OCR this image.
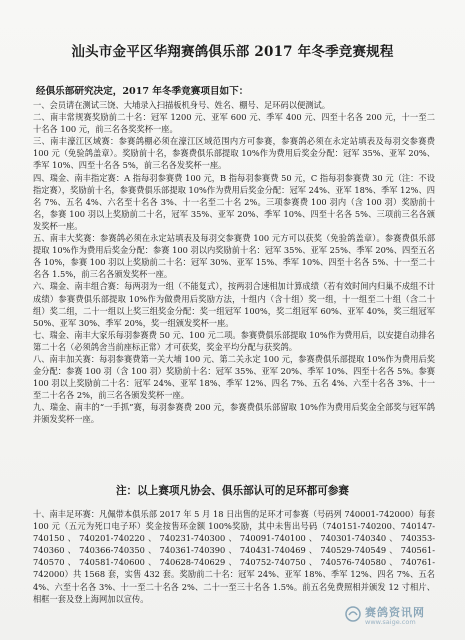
汕头市金平区华翔赛鸽俱乐部 2017 年冬季竞赛规程
经俱乐部研究决定，2017 年冬季竞赛项目如下：

一、会员请在测试三饶、大埔录入扫描板机身号、姓名、棚号、足环码以便测试。

二、南丰常规赛奖励前二十名：冠军 1200 元、亚军 600 元、季军 400 元、四至十名各 200 元，十一至二十名各 100 元，前三名各奖奖杯一座。

三、南丰濠江区域赛：参赛鸽棚必须在濠江区域范围内方可参赛，参赛鸽必须在永定站填表及每羽交参赛费 100 元（免验鸽盖章）。奖励前十名，参赛费俱乐部提取 10%作为费用后奖金分配：冠军 35%、亚军 20%、季军 10%、四至十名各 5%，前三名各发奖杯一座。

四、瑞金、南丰指定赛：A 指每羽参赛费 100 元，B 指每羽参赛费 50 元，C 指每羽参赛费 30 元（注：不设指定赛），奖励前十名，参赛费俱乐部提取 10%作为费用后奖金分配：冠军 24%、亚军 18%、季军 12%、四名 7%、五名 4%、六名至十名各 3%、十一名至二十名 2%。三项参赛费 100 羽内（含 100 羽）奖励前十名，参赛 100 羽以上奖励前二十名，冠军 35%、亚军 20%、季军 10%、四至十名各 5%、三项前三名各颁发奖杯一座。

五、南丰大奖赛：参赛鸽必须在永定站填表及每羽交参赛费 100 元方可以获奖（免验鸽盖章）。参赛费俱乐部提取 10%作为费用后奖金分配：参赛 100 羽以内奖励前十名：冠军 35%、亚军 25%、季军 20%、四至五名各 10%，参赛 100 羽以上奖励前二十名：冠军 30%、亚军 15%、季军 10%、四至十名各 5%、十一至二十名各 1.5%，前三名各颁发奖杯一座。

六、瑞金、南丰组合赛：每两羽为一组（不能复式），按两羽合速相加计算成绩（若有效时间内归巢不成组不计成绩）参赛费俱乐部提取 10%作为做费用后奖励方法，十组内（含十组）奖一组，十一组至二十组（含二十组）奖二组，二十一组以上奖三组奖金分配：奖一组冠军 100%，奖二组冠军 60%、亚军 40%，奖三组冠军 50%、亚军 30%、季军 20%，奖一组颁发奖杯一座。

七、瑞金、南丰大家乐每羽参赛费 50 元、100 元二项。参赛费俱乐部提取 10%作为费用后，以安捷自动排名第二十名（必须鸽舍当前座标正常）才可获奖，奖金平均分配与获奖鸽。

八、南丰加关赛：每羽参赛费第一关大埔 100 元、第二关永定 100 元，参赛费俱乐部提取 10%作为费用后奖金分配：参赛 100 羽（含 100 羽）奖励前十名：冠军 35%、亚军 20%、季军 10%、四至十名各 5%。参赛 100 羽以上奖励前二十名：冠军 24%、亚军 18%、季军 12%、四名 7%、五名 4%、六至十名各 3%、十一至二十名各 2%，前三名各颁发奖杯一座。

九、瑞金、南丰的“一手抓”赛，每羽参赛费 200 元，参赛费俱乐部留取 10%作为费用后奖金全部奖与冠军鸽并颁发奖杯一座。

注：以上赛项凡协会、俱乐部认可的足环都可参赛
十、南丰足环赛：凡佩带本俱乐部 2017 年 5 月 18 日出售的足环才可参赛（号码列 740001-742000）每套 100 元（五元为死口电子环）奖金按售环金额 100%奖励，其中未售出号码（740151-740200、740147-740150、740201-740220、740231-740300、740091-740100、740301-740340、740353-740360、740366-740350、740361-740390、740431-740469、740529-740549、740561-740570、740581-740600、740628-740629、740752-740750、740576-740580、740761-742000）共 1568 套，实售 432 套。奖励前二十名：冠军 24%、亚军 18%、季军 12%、四名 7%、五名 4%、六至十名各 3%、十一至二十名各 2%、二十一至三十名各 1.5%。前五名免费照相并颁发 12 寸相片、相框一套及登上海网加以宣传。
赛鸽资讯网
www.saige.com
